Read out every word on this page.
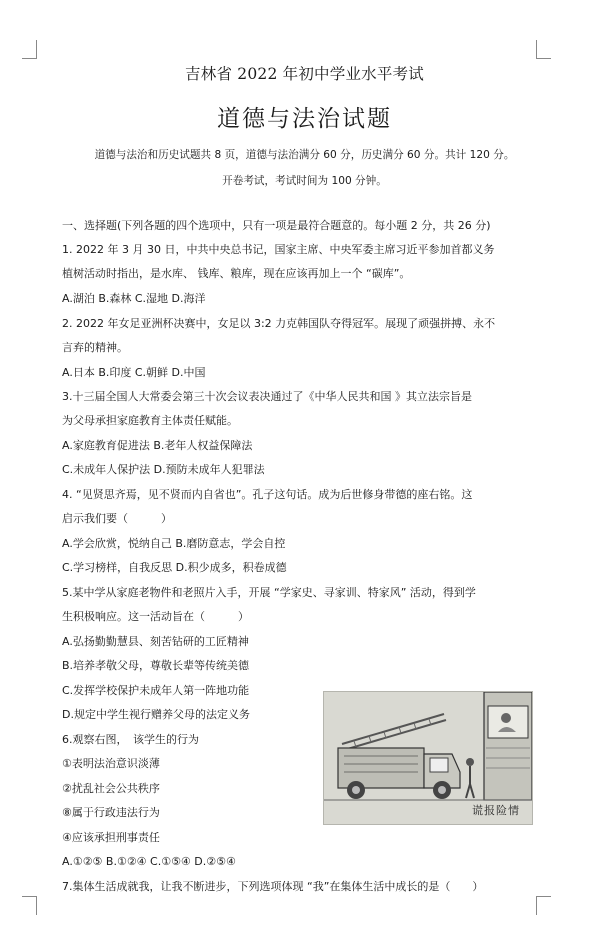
吉林省 2022 年初中学业水平考试
道德与法治试题
道德与法治和历史试题共 8 页，道德与法治满分 60 分，历史满分 60 分。共计 120 分。
开卷考试，考试时间为 100 分钟。
一、选择题(下列各题的四个选项中，只有一项是最符合题意的。每小题 2 分，共 26 分)
1. 2022 年 3 月 30 日，中共中央总书记，国家主席、中央军委主席习近平参加首都义务
植树活动时指出，是水库、 钱库、粮库，现在应该再加上一个 “碳库”。
A.湖泊 B.森林 C.湿地 D.海洋
2. 2022 年女足亚洲杯决赛中，女足以 3:2 力克韩国队夺得冠军。展现了顽强拼搏、永不
言弃的精神。
A.日本 B.印度 C.朝鲜 D.中国
3.十三届全国人大常委会第三十次会议表决通过了《中华人民共和国 》其立法宗旨是
为父母承担家庭教育主体责任赋能。
A.家庭教育促进法 B.老年人权益保障法
C.未成年人保护法 D.预防未成年人犯罪法
4. “见贤思齐焉，见不贤而内自省也”。孔子这句话。成为后世修身带德的座右铭。这
启示我们要（　　　）
A.学会欣赏，悦纳自己 B.磨防意志，学会自控
C.学习榜样，自我反思 D.积少成多，积卷成德
5.某中学从家庭老物件和老照片入手，开展 “学家史、寻家训、特家风” 活动，得到学
生积极响应。这一活动旨在（　　　）
A.弘扬勤勤慧县、刻苦钻研的工匠精神
B.培养孝敬父母，尊敬长辈等传统美德
C.发挥学校保护未成年人第一阵地功能
D.规定中学生视行赠养父母的法定义务
6.观察右图，　该学生的行为
①表明法治意识淡薄
②扰乱社会公共秩序
⑧属于行政违法行为
④应该承担刑事责任
A.①②⑤ B.①②④ C.①⑤④ D.②⑤④
7.集体生活成就我，让我不断进步，下列选项体现 “我”在集体生活中成长的是（　　）
谎报险情
